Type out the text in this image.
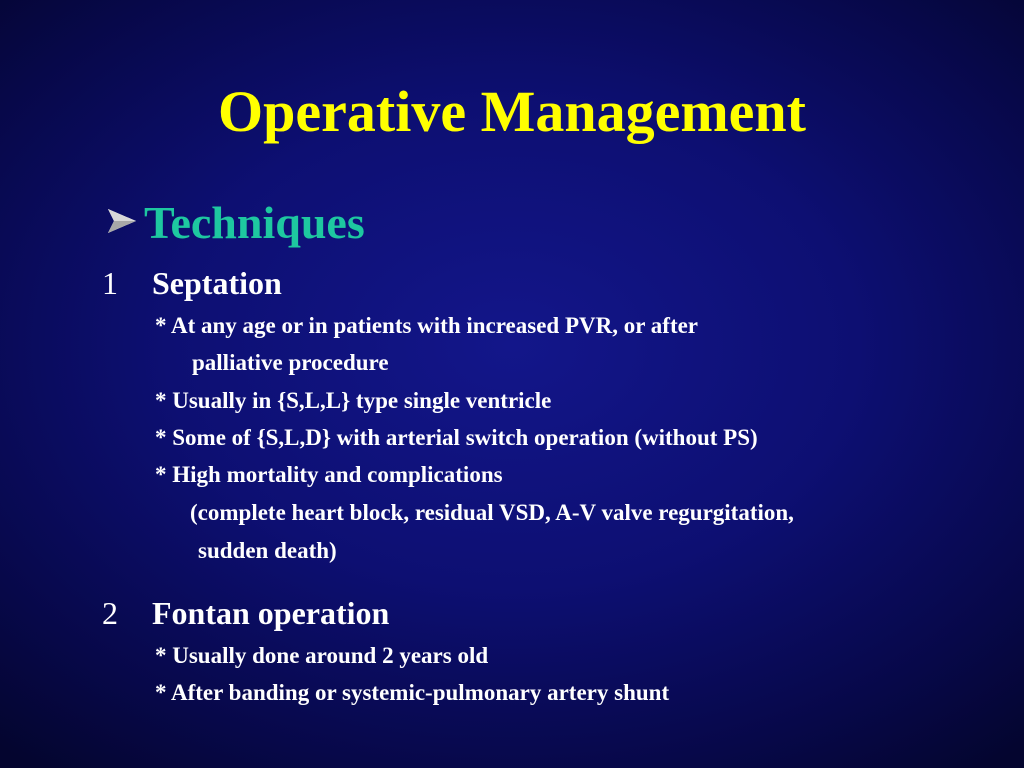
Operative Management
Techniques
1 Septation
* At any age or in patients with increased PVR, or after
palliative procedure
* Usually in {S,L,L} type single ventricle
* Some of {S,L,D} with arterial switch operation (without PS)
* High mortality and complications
(complete heart block, residual VSD, A-V valve regurgitation,
sudden death)
2 Fontan operation
* Usually done around 2 years old
* After banding or systemic-pulmonary artery shunt
